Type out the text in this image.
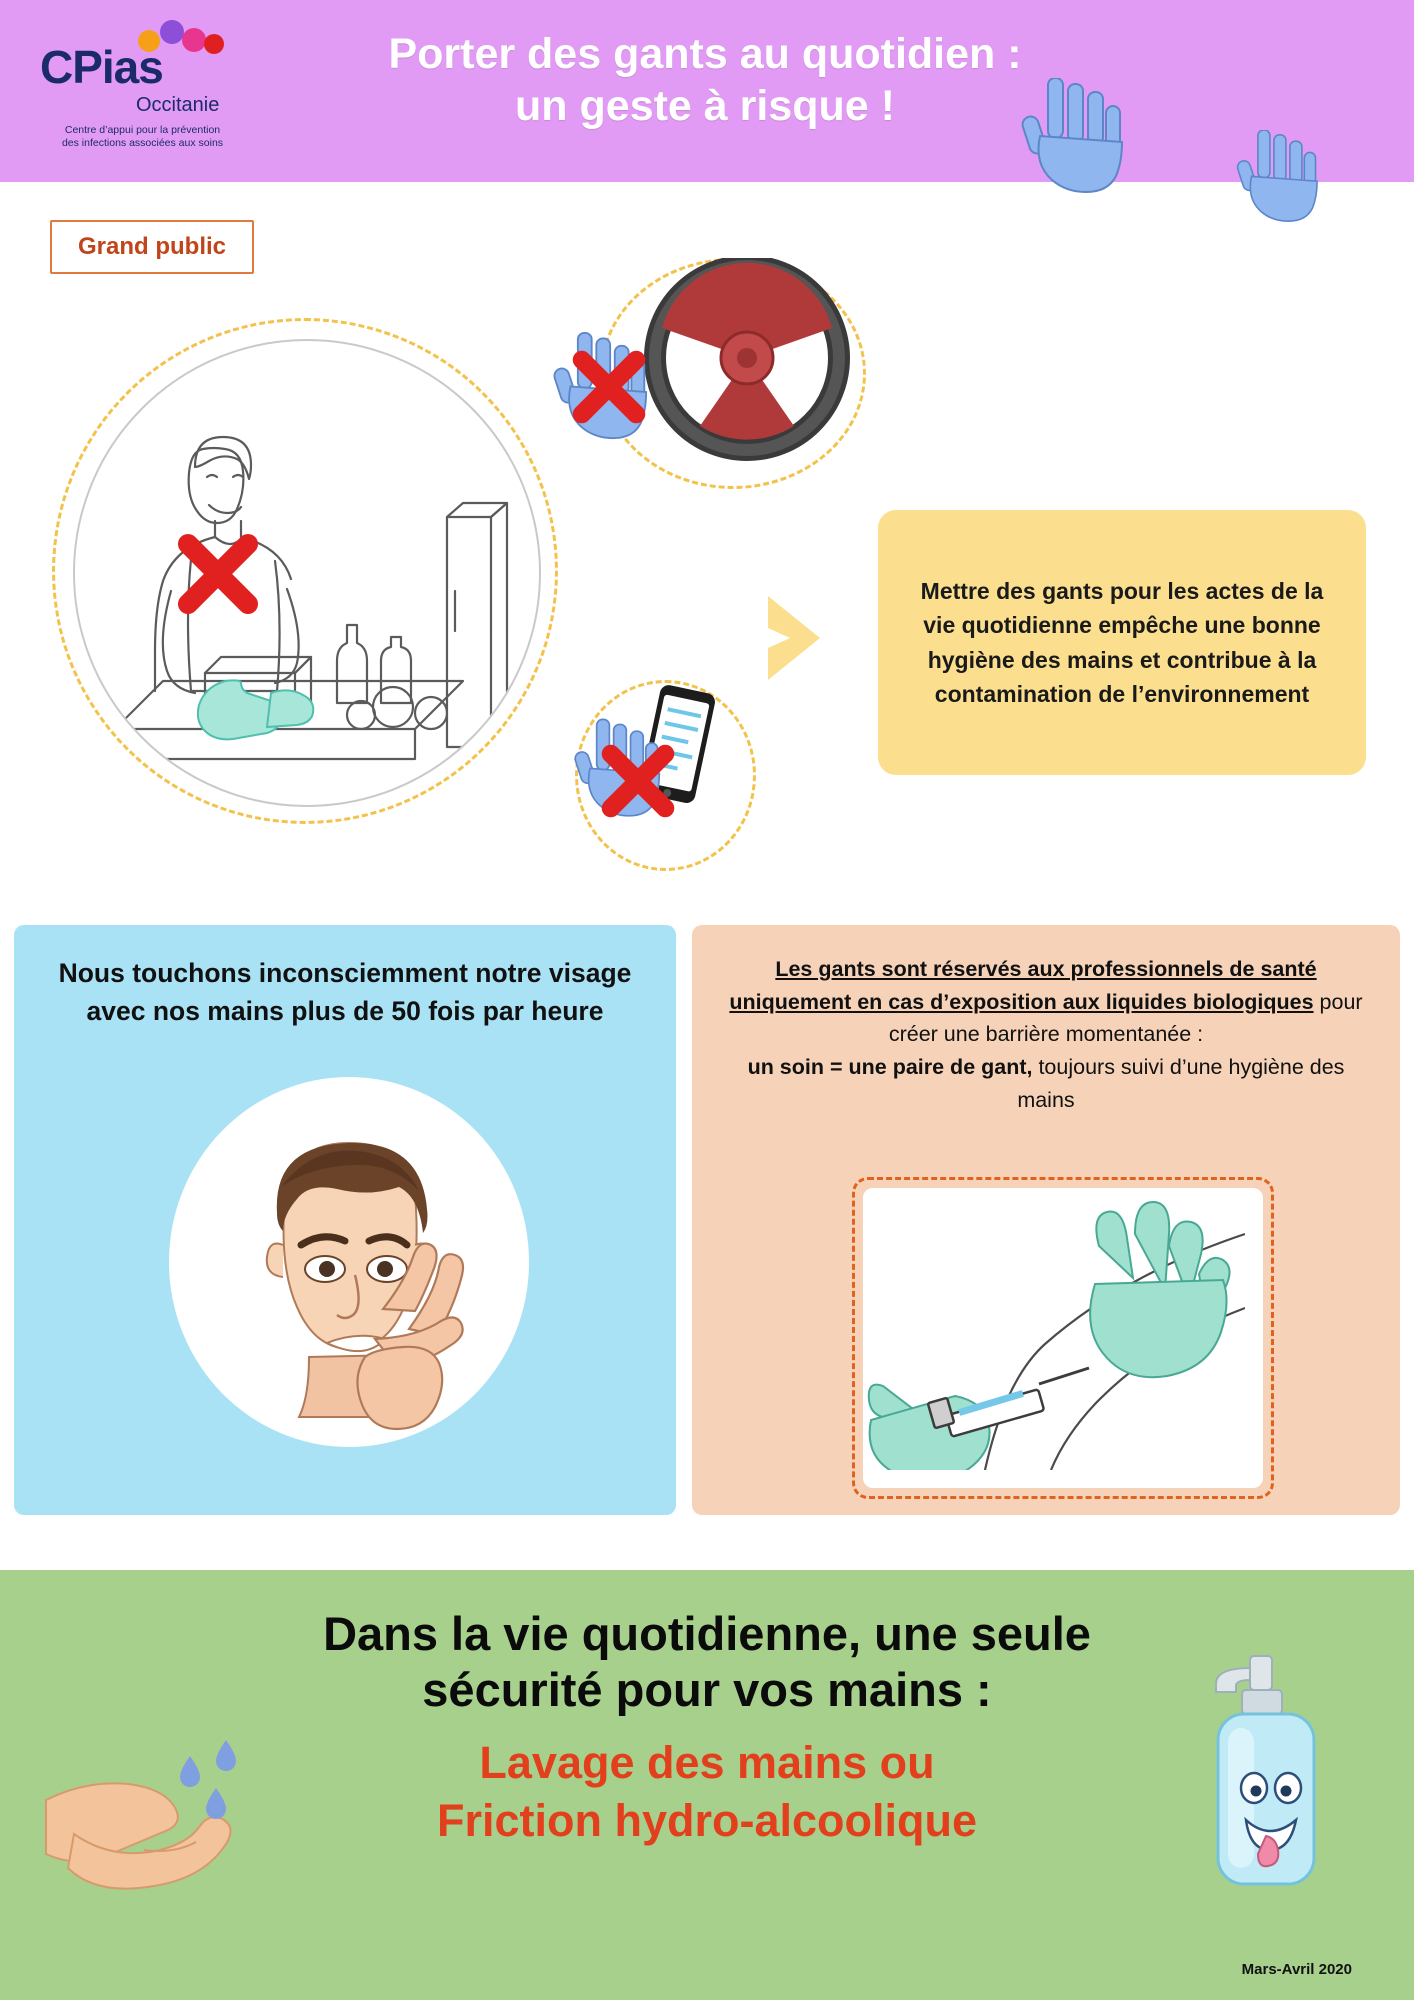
CPias
Occitanie
Centre d’appui pour la prévention
des infections associées aux soins
Porter des gants au quotidien :
un geste à risque !
Grand public

Mettre des gants pour les actes de la vie quotidienne empêche une bonne hygiène des mains et contribue à la contamination de l’environnement

Nous touchons inconsciemment notre visage avec nos mains plus de 50 fois par heure
Les gants sont réservés aux professionnels de santé uniquement en cas d’exposition aux liquides biologiques pour créer une barrière momentanée :
un soin = une paire de gant, toujours suivi d’une hygiène des mains
Dans la vie quotidienne, une seule
sécurité pour vos mains :

Lavage des mains ou

Friction hydro-alcoolique

Mars-Avril 2020
